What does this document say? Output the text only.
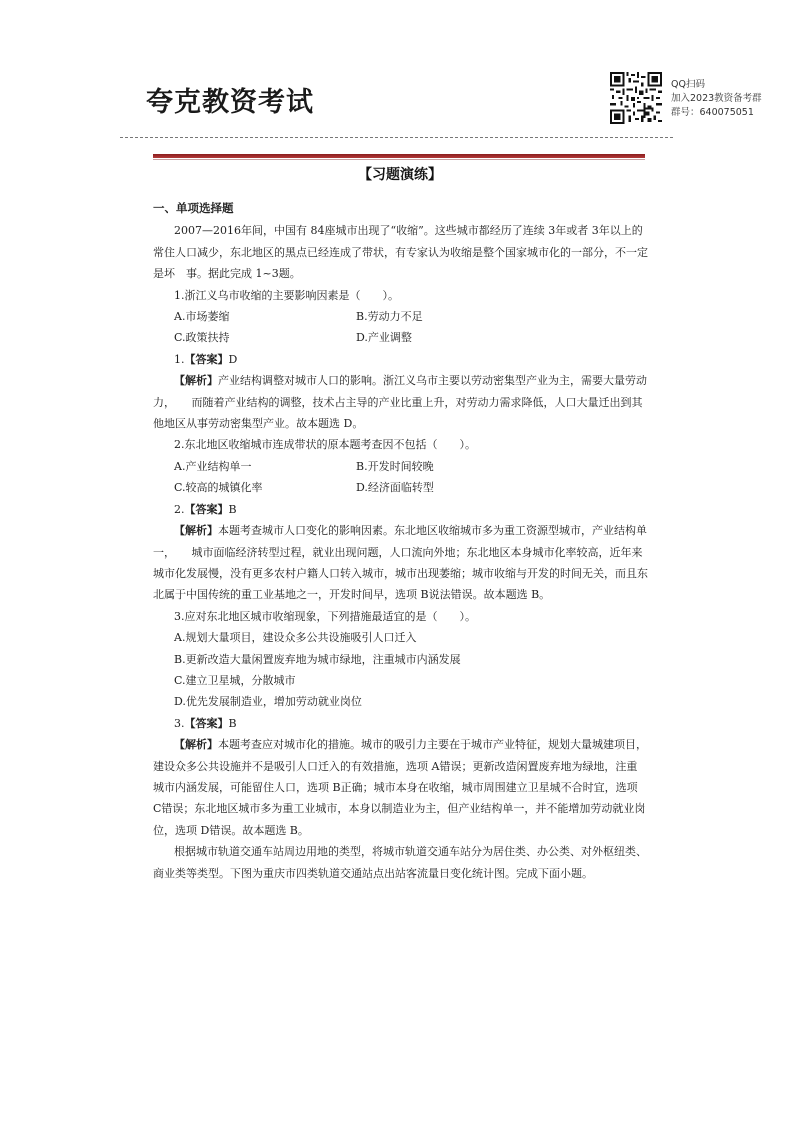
夸克教资考试
QQ扫码
加入2023教资备考群
群号：640075051
【习题演练】

一、单项选择题

2007—2016年间，中国有 84座城市出现了“收缩”。这些城市都经历了连续 3年或者 3年以上的常住人口减少，东北地区的黑点已经连成了带状，有专家认为收缩是整个国家城市化的一部分，不一定是坏　事。据此完成 1~3题。

1.浙江义乌市收缩的主要影响因素是（　　）。

A.市场萎缩	B.劳动力不足
C.政策扶持	D.产业调整

1.【答案】D

【解析】产业结构调整对城市人口的影响。浙江义乌市主要以劳动密集型产业为主，需要大量劳动力，　　而随着产业结构的调整，技术占主导的产业比重上升，对劳动力需求降低，人口大量迁出到其他地区从事劳动密集型产业。故本题选 D。

2.东北地区收缩城市连成带状的原本题考查因不包括（　　）。

A.产业结构单一	B.开发时间较晚
C.较高的城镇化率	D.经济面临转型

2.【答案】B

【解析】本题考查城市人口变化的影响因素。东北地区收缩城市多为重工资源型城市，产业结构单一，　　城市面临经济转型过程，就业出现问题，人口流向外地；东北地区本身城市化率较高，近年来城市化发展慢，没有更多农村户籍人口转入城市，城市出现萎缩；城市收缩与开发的时间无关，而且东北属于中国传统的重工业基地之一，开发时间早，选项 B说法错误。故本题选 B。

3.应对东北地区城市收缩现象，下列措施最适宜的是（　　）。

A.规划大量项目，建设众多公共设施吸引人口迁入

B.更新改造大量闲置废弃地为城市绿地，注重城市内涵发展

C.建立卫星城，分散城市

D.优先发展制造业，增加劳动就业岗位

3.【答案】B

【解析】本题考查应对城市化的措施。城市的吸引力主要在于城市产业特征，规划大量城建项目，建设众多公共设施并不是吸引人口迁入的有效措施，选项 A错误；更新改造闲置废弃地为绿地，注重城市内涵发展，可能留住人口，选项 B正确；城市本身在收缩，城市周围建立卫星城不合时宜，选项 C错误；东北地区城市多为重工业城市，本身以制造业为主，但产业结构单一，并不能增加劳动就业岗位，选项 D错误。故本题选 B。

根据城市轨道交通车站周边用地的类型，将城市轨道交通车站分为居住类、办公类、对外枢纽类、商业类等类型。下图为重庆市四类轨道交通站点出站客流量日变化统计图。完成下面小题。
